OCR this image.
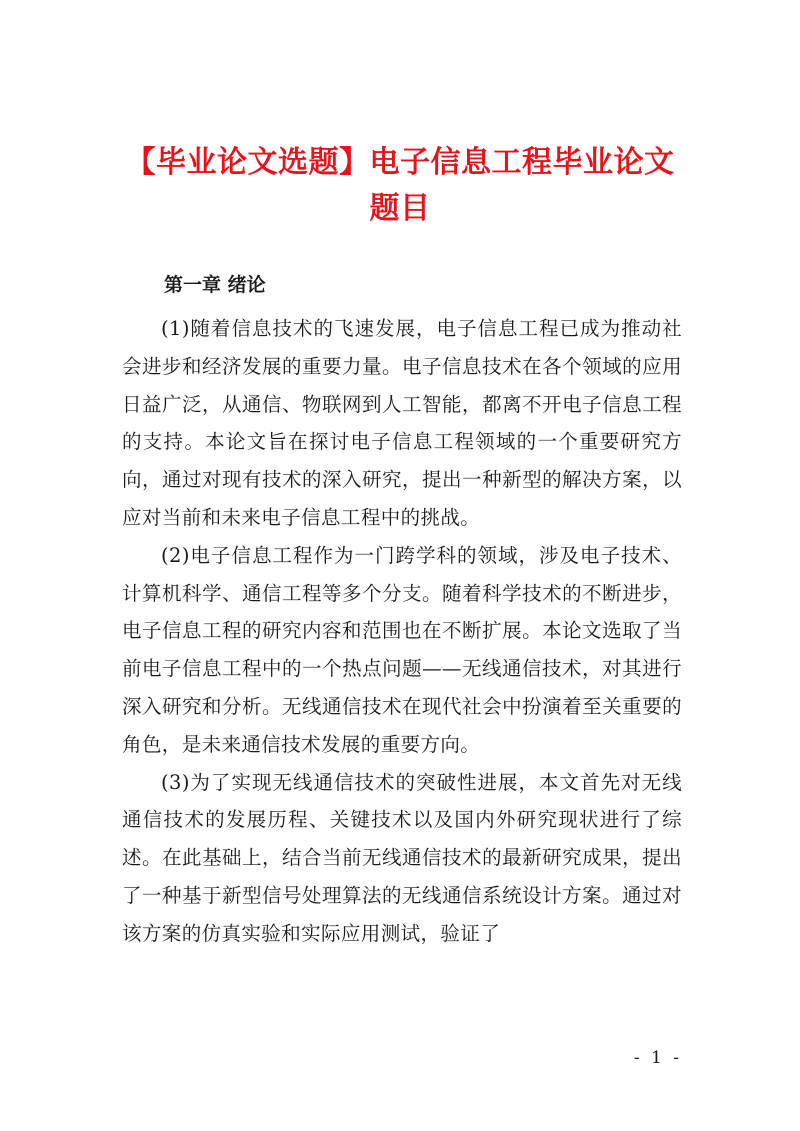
【毕业论文选题】电子信息工程毕业论文题目
第一章 绪论

(1)随着信息技术的飞速发展，电子信息工程已成为推动社会进步和经济发展的重要力量。电子信息技术在各个领域的应用日益广泛，从通信、物联网到人工智能，都离不开电子信息工程的支持。本论文旨在探讨电子信息工程领域的一个重要研究方向，通过对现有技术的深入研究，提出一种新型的解决方案，以应对当前和未来电子信息工程中的挑战。

(2)电子信息工程作为一门跨学科的领域，涉及电子技术、计算机科学、通信工程等多个分支。随着科学技术的不断进步，电子信息工程的研究内容和范围也在不断扩展。本论文选取了当前电子信息工程中的一个热点问题——无线通信技术，对其进行深入研究和分析。无线通信技术在现代社会中扮演着至关重要的角色，是未来通信技术发展的重要方向。

(3)为了实现无线通信技术的突破性进展，本文首先对无线通信技术的发展历程、关键技术以及国内外研究现状进行了综述。在此基础上，结合当前无线通信技术的最新研究成果，提出了一种基于新型信号处理算法的无线通信系统设计方案。通过对该方案的仿真实验和实际应用测试，验证了

- 1 -
